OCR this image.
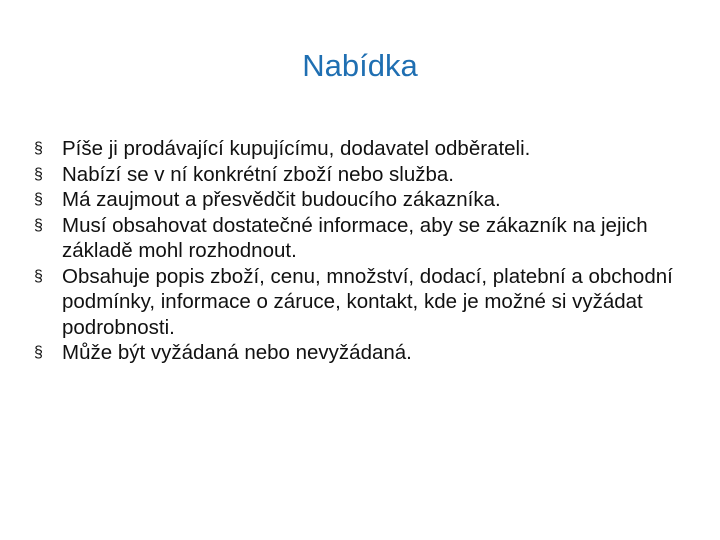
Nabídka
§ Píše ji prodávající kupujícímu, dodavatel odběrateli.
§ Nabízí se v ní konkrétní zboží nebo služba.
§ Má zaujmout a přesvědčit budoucího zákazníka.
§ Musí obsahovat dostatečné informace, aby se zákazník na jejich základě mohl rozhodnout.
§ Obsahuje popis zboží, cenu, množství, dodací, platební a obchodní podmínky, informace o záruce, kontakt, kde je možné si vyžádat podrobnosti.
§ Může být vyžádaná nebo nevyžádaná.
